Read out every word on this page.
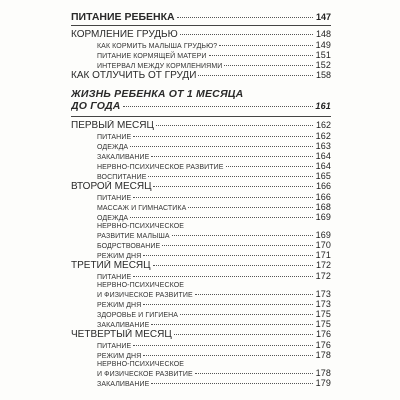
ПИТАНИЕ РЕБЕНКА	147
КОРМЛЕНИЕ ГРУДЬЮ	148
КАК КОРМИТЬ МАЛЫША ГРУДЬЮ?	149
ПИТАНИЕ КОРМЯЩЕЙ МАТЕРИ	151
ИНТЕРВАЛ МЕЖДУ КОРМЛЕНИЯМИ	152
КАК ОТЛУЧИТЬ ОТ ГРУДИ	158
ЖИЗНЬ РЕБЕНКА ОТ 1 МЕСЯЦА
ДО ГОДА	161
ПЕРВЫЙ МЕСЯЦ	162
ПИТАНИЕ	162
ОДЕЖДА	163
ЗАКАЛИВАНИЕ	164
НЕРВНО-ПСИХИЧЕСКОЕ РАЗВИТИЕ	164
ВОСПИТАНИЕ	165
ВТОРОЙ МЕСЯЦ	166
ПИТАНИЕ	166
МАССАЖ И ГИМНАСТИКА	168
ОДЕЖДА	169
НЕРВНО-ПСИХИЧЕСКОЕ
РАЗВИТИЕ МАЛЫША	169
БОДРСТВОВАНИЕ	170
РЕЖИМ ДНЯ	171
ТРЕТИЙ МЕСЯЦ	172
ПИТАНИЕ	172
НЕРВНО-ПСИХИЧЕСКОЕ
И ФИЗИЧЕСКОЕ РАЗВИТИЕ	173
РЕЖИМ ДНЯ	173
ЗДОРОВЬЕ И ГИГИЕНА	175
ЗАКАЛИВАНИЕ	175
ЧЕТВЕРТЫЙ МЕСЯЦ	176
ПИТАНИЕ	176
РЕЖИМ ДНЯ	178
НЕРВНО-ПСИХИЧЕСКОЕ
И ФИЗИЧЕСКОЕ РАЗВИТИЕ	178
ЗАКАЛИВАНИЕ	179
